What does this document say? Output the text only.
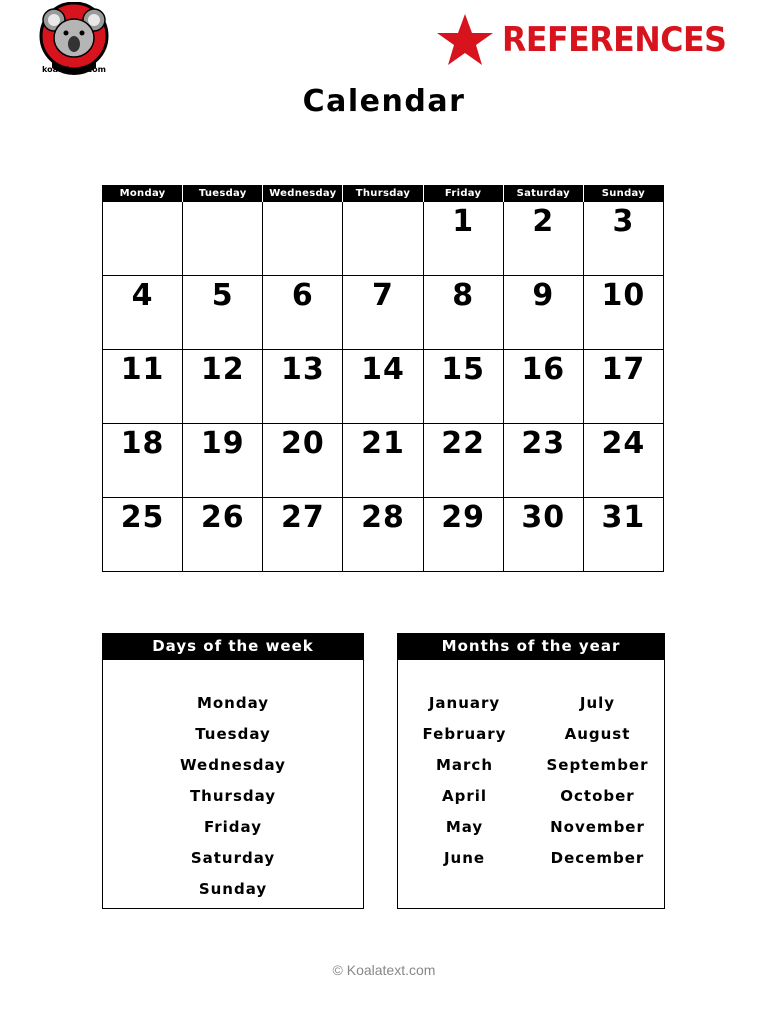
koalatext.com
REFERENCES
Calendar
Monday	Tuesday	Wednesday	Thursday	Friday	Saturday	Sunday

				1	2	3

4	5	6	7	8	9	10

11	12	13	14	15	16	17

18	19	20	21	22	23	24

25	26	27	28	29	30	31
Days of the week
Monday
Tuesday
Wednesday
Thursday
Friday
Saturday
Sunday
Months of the year
January
February
March
April
May
June
July
August
September
October
November
December
© Koalatext.com
